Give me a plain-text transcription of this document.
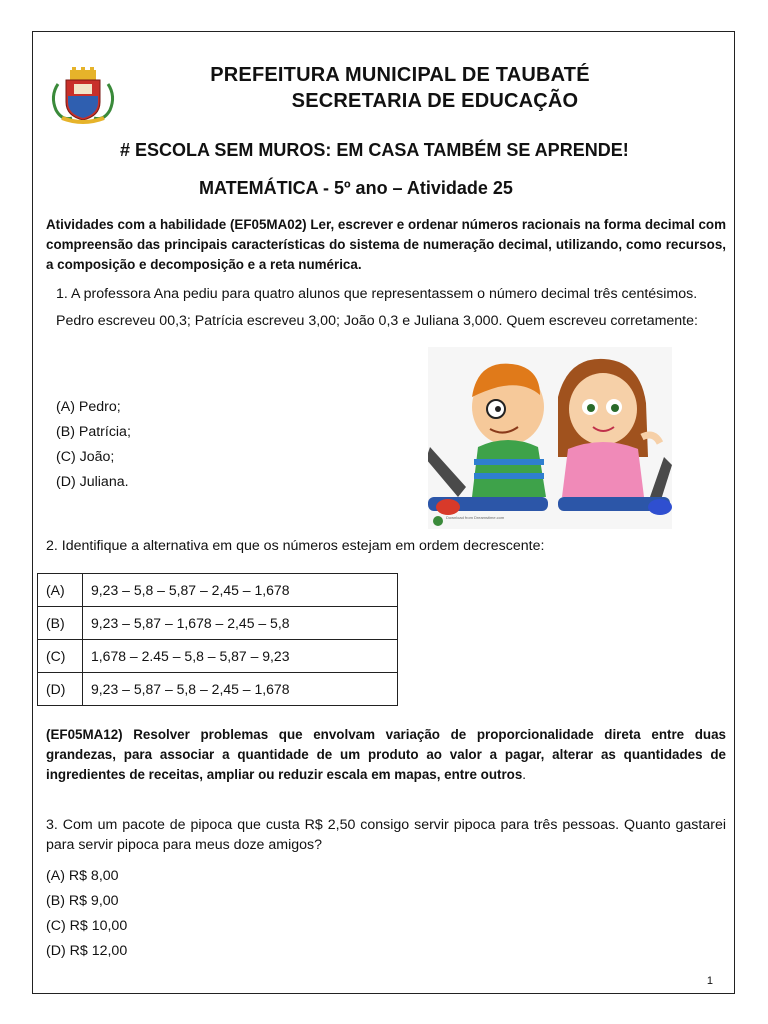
PREFEITURA MUNICIPAL DE TAUBATÉ
SECRETARIA DE EDUCAÇÃO
# ESCOLA SEM MUROS: EM CASA TAMBÉM SE APRENDE!
MATEMÁTICA - 5º ano – Atividade 25
Atividades com a habilidade (EF05MA02) Ler, escrever e ordenar números racionais na forma decimal com compreensão das principais características do sistema de numeração decimal, utilizando, como recursos, a composição e decomposição e a reta numérica.
1. A professora Ana pediu para quatro alunos que representassem o número decimal três centésimos. Pedro escreveu 00,3; Patrícia escreveu 3,00; João 0,3 e Juliana 3,000. Quem escreveu corretamente:
(A) Pedro;
(B) Patrícia;
(C) João;
(D) Juliana.
Download from Dreamstime.com
2. Identifique a alternativa em que os números estejam em ordem decrescente:
(A)	9,23 – 5,8 – 5,87 – 2,45 – 1,678
(B)	9,23 – 5,87 – 1,678 – 2,45 – 5,8
(C)	1,678 – 2.45 – 5,8 – 5,87 – 9,23
(D)	9,23 – 5,87 – 5,8 – 2,45 – 1,678
(EF05MA12) Resolver problemas que envolvam variação de proporcionalidade direta entre duas grandezas, para associar a quantidade de um produto ao valor a pagar, alterar as quantidades de ingredientes de receitas, ampliar ou reduzir escala em mapas, entre outros.
3. Com um pacote de pipoca que custa R$ 2,50 consigo servir pipoca para três pessoas. Quanto gastarei para servir pipoca para meus doze amigos?
(A) R$ 8,00
(B) R$ 9,00
(C) R$ 10,00
(D) R$ 12,00
1
